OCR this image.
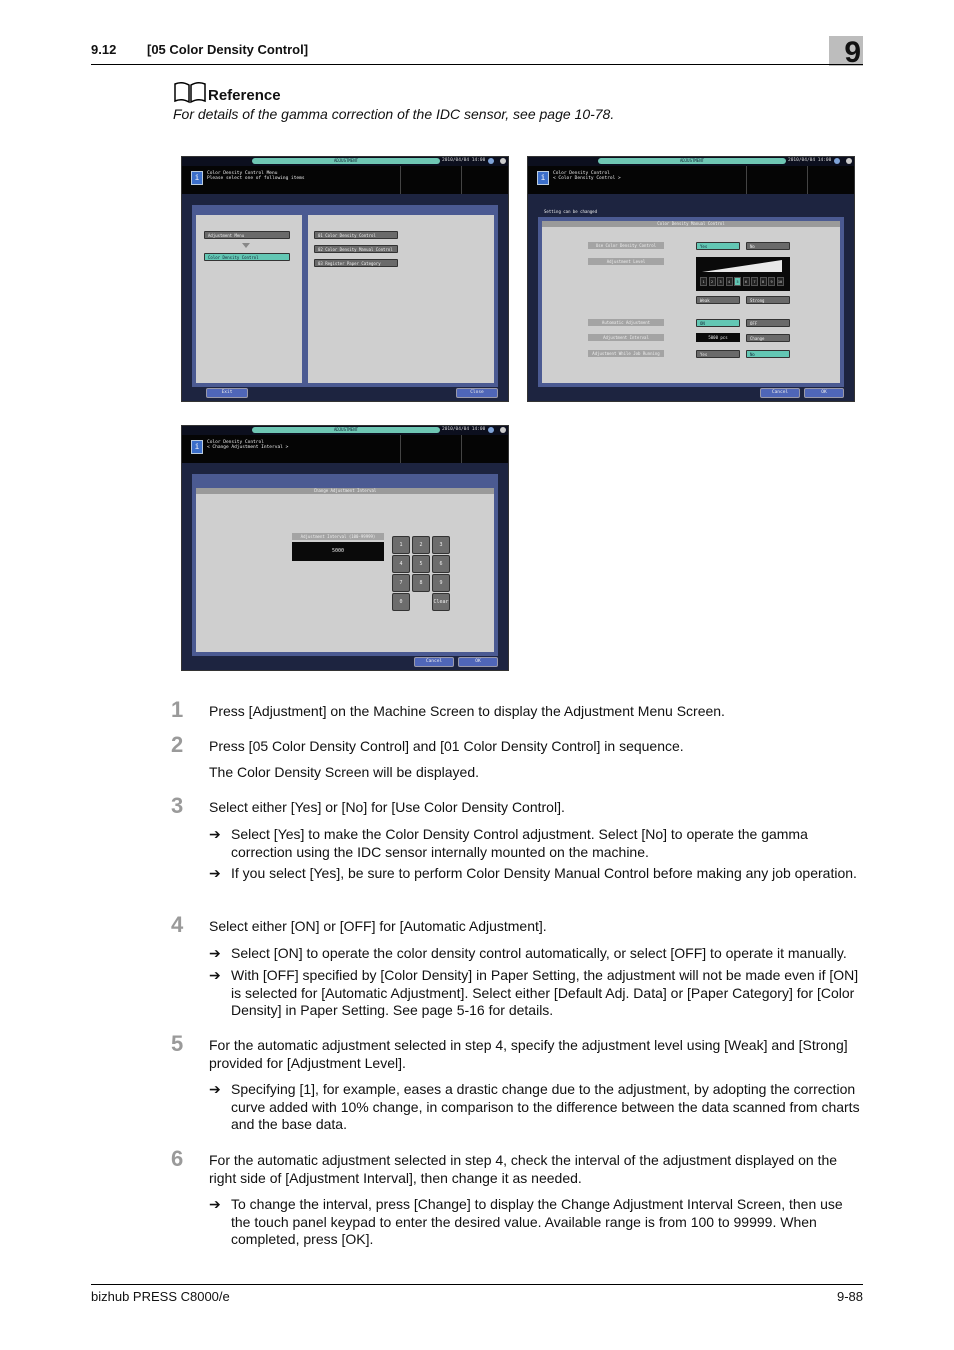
9.12 [05 Color Density Control]	9
Reference
For details of the gamma correction of the IDC sensor, see page 10-78.
ADJUSTMENT	2010/04/04 14:00
i	Color Density Control Menu
Please select one of following items
Adjustment Menu
Color Density Control
01 Color Density Control
02 Color Density Manual Control
03 Register Paper Category
Exit	Close
ADJUSTMENT	2010/04/04 14:00
i	Color Density Control
< Color Density Control >
Setting can be changed
Color Density Manual Control
Use Color Density Control	Yes	No
Adjustment Level
1	2	3	4	5	6	7	8	9	10
Weak	Strong
Automatic Adjustment	ON	OFF
Adjustment Interval	5000 pcs	Change
Adjustment While Job Running	Yes	No
Cancel	OK
ADJUSTMENT	2010/04/04 14:00
i	Color Density Control
< Change Adjustment Interval >
Change Adjustment Interval
Adjustment Interval (100-99999)
5000
1	2	3
4	5	6
7	8	9
0	Clear
Cancel	OK
1 Press [Adjustment] on the Machine Screen to display the Adjustment Menu Screen.
2 Press [05 Color Density Control] and [01 Color Density Control] in sequence.
The Color Density Screen will be displayed.
3 Select either [Yes] or [No] for [Use Color Density Control].
➔ Select [Yes] to make the Color Density Control adjustment. Select [No] to operate the gamma correction using the IDC sensor internally mounted on the machine.
➔ If you select [Yes], be sure to perform Color Density Manual Control before making any job operation.
4 Select either [ON] or [OFF] for [Automatic Adjustment].
➔ Select [ON] to operate the color density control automatically, or select [OFF] to operate it manually.
➔ With [OFF] specified by [Color Density] in Paper Setting, the adjustment will not be made even if [ON] is selected for [Automatic Adjustment]. Select either [Default Adj. Data] or [Paper Category] for [Color Density] in Paper Setting. See page 5-16 for details.
5 For the automatic adjustment selected in step 4, specify the adjustment level using [Weak] and [Strong] provided for [Adjustment Level].
➔ Specifying [1], for example, eases a drastic change due to the adjustment, by adopting the correction curve added with 10% change, in comparison to the difference between the data scanned from charts and the base data.
6 For the automatic adjustment selected in step 4, check the interval of the adjustment displayed on the right side of [Adjustment Interval], then change it as needed.
➔ To change the interval, press [Change] to display the Change Adjustment Interval Screen, then use the touch panel keypad to enter the desired value. Available range is from 100 to 99999. When completed, press [OK].
bizhub PRESS C8000/e	9-88
